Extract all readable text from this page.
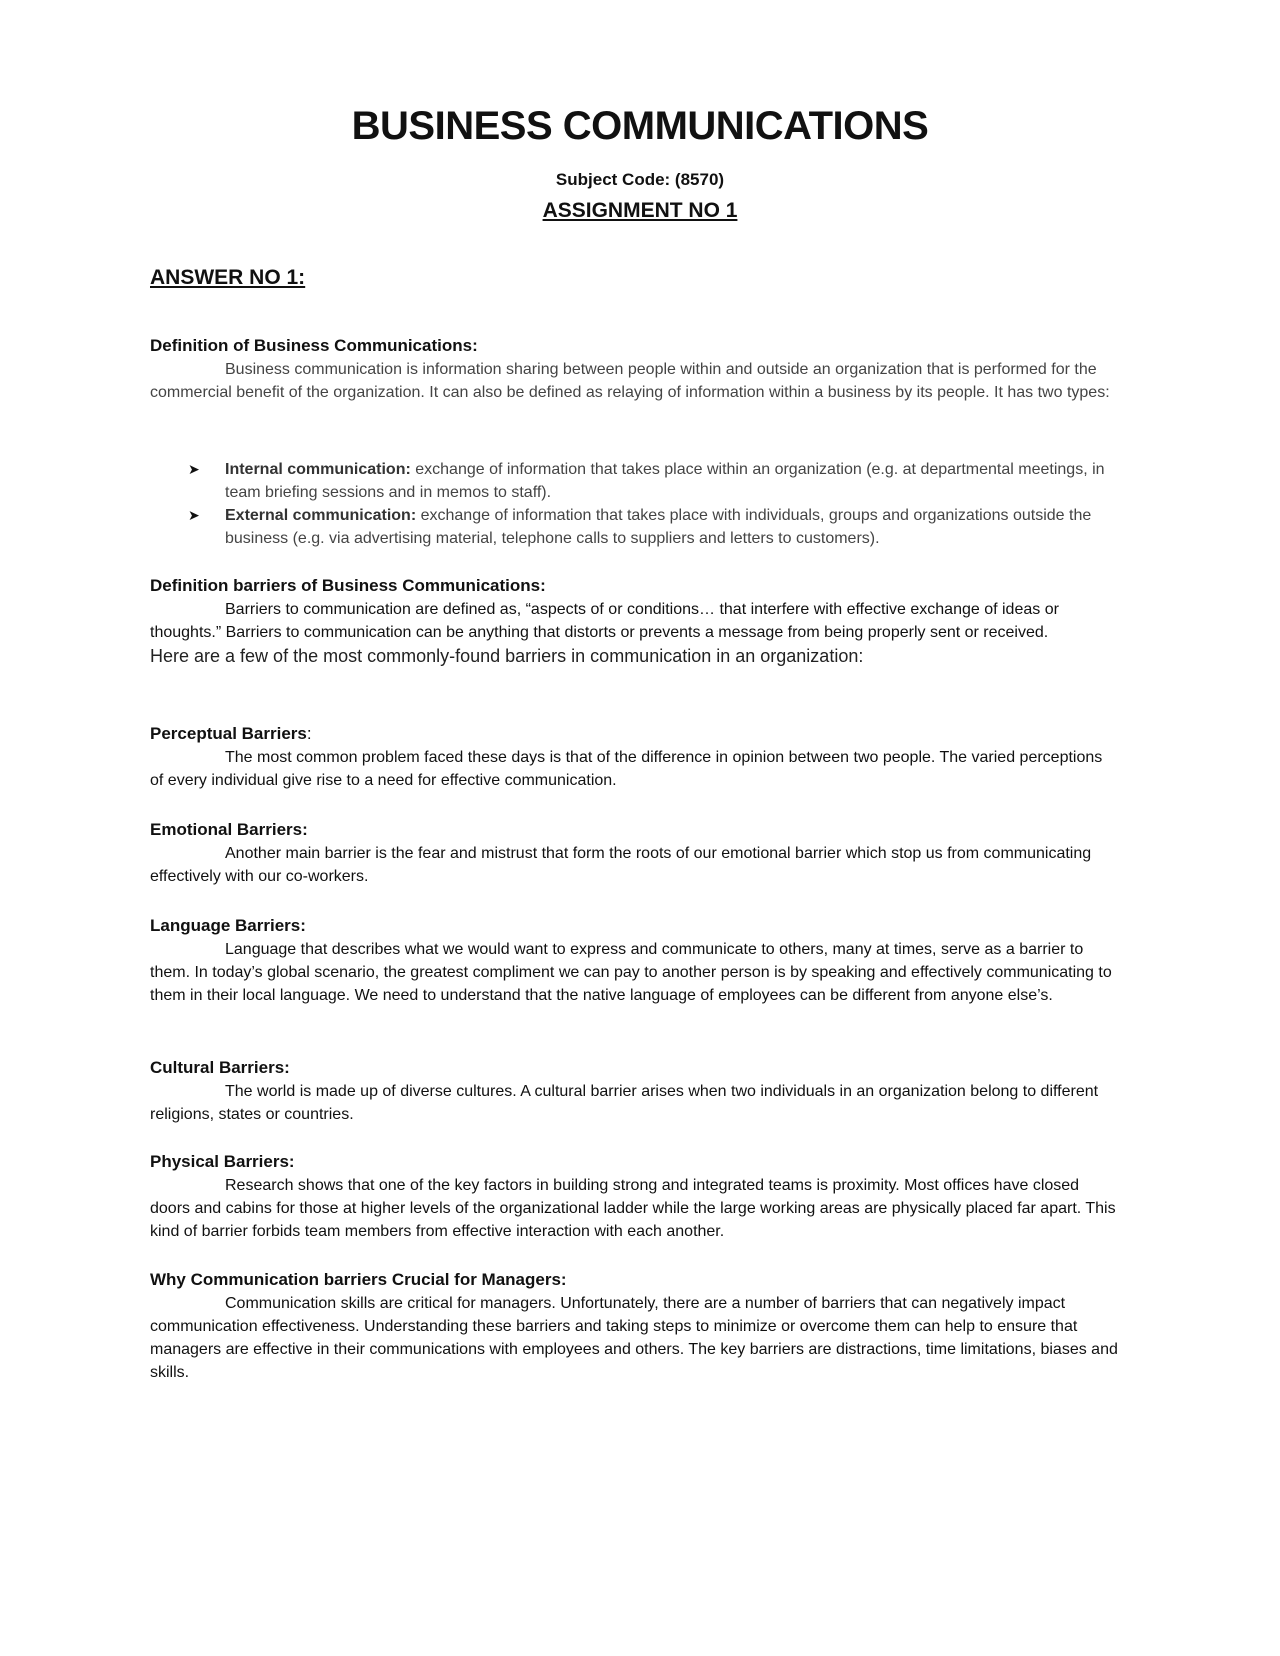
BUSINESS COMMUNICATIONS
Subject Code: (8570)
ASSIGNMENT NO 1
ANSWER NO 1:

Definition of Business Communications:

Business communication is information sharing between people within and outside an organization that is performed for the commercial benefit of the organization. It can also be defined as relaying of information within a business by its people. It has two types:

➤ Internal communication: exchange of information that takes place within an organization (e.g. at departmental meetings, in team briefing sessions and in memos to staff).
➤ External communication: exchange of information that takes place with individuals, groups and organizations outside the business (e.g. via advertising material, telephone calls to suppliers and letters to customers).

Definition barriers of Business Communications:

Barriers to communication are defined as, “aspects of or conditions… that interfere with effective exchange of ideas or thoughts.” Barriers to communication can be anything that distorts or prevents a message from being properly sent or received.

Here are a few of the most commonly-found barriers in communication in an organization:

Perceptual Barriers:

The most common problem faced these days is that of the difference in opinion between two people. The varied perceptions of every individual give rise to a need for effective communication.

Emotional Barriers:

Another main barrier is the fear and mistrust that form the roots of our emotional barrier which stop us from communicating effectively with our co-workers.

Language Barriers:

Language that describes what we would want to express and communicate to others, many at times, serve as a barrier to them. In today’s global scenario, the greatest compliment we can pay to another person is by speaking and effectively communicating to them in their local language. We need to understand that the native language of employees can be different from anyone else’s.

Cultural Barriers:

The world is made up of diverse cultures. A cultural barrier arises when two individuals in an organization belong to different religions, states or countries.

Physical Barriers:

Research shows that one of the key factors in building strong and integrated teams is proximity. Most offices have closed doors and cabins for those at higher levels of the organizational ladder while the large working areas are physically placed far apart. This kind of barrier forbids team members from effective interaction with each another.

Why Communication barriers Crucial for Managers:

Communication skills are critical for managers. Unfortunately, there are a number of barriers that can negatively impact communication effectiveness. Understanding these barriers and taking steps to minimize or overcome them can help to ensure that managers are effective in their communications with employees and others. The key barriers are distractions, time limitations, biases and skills.
